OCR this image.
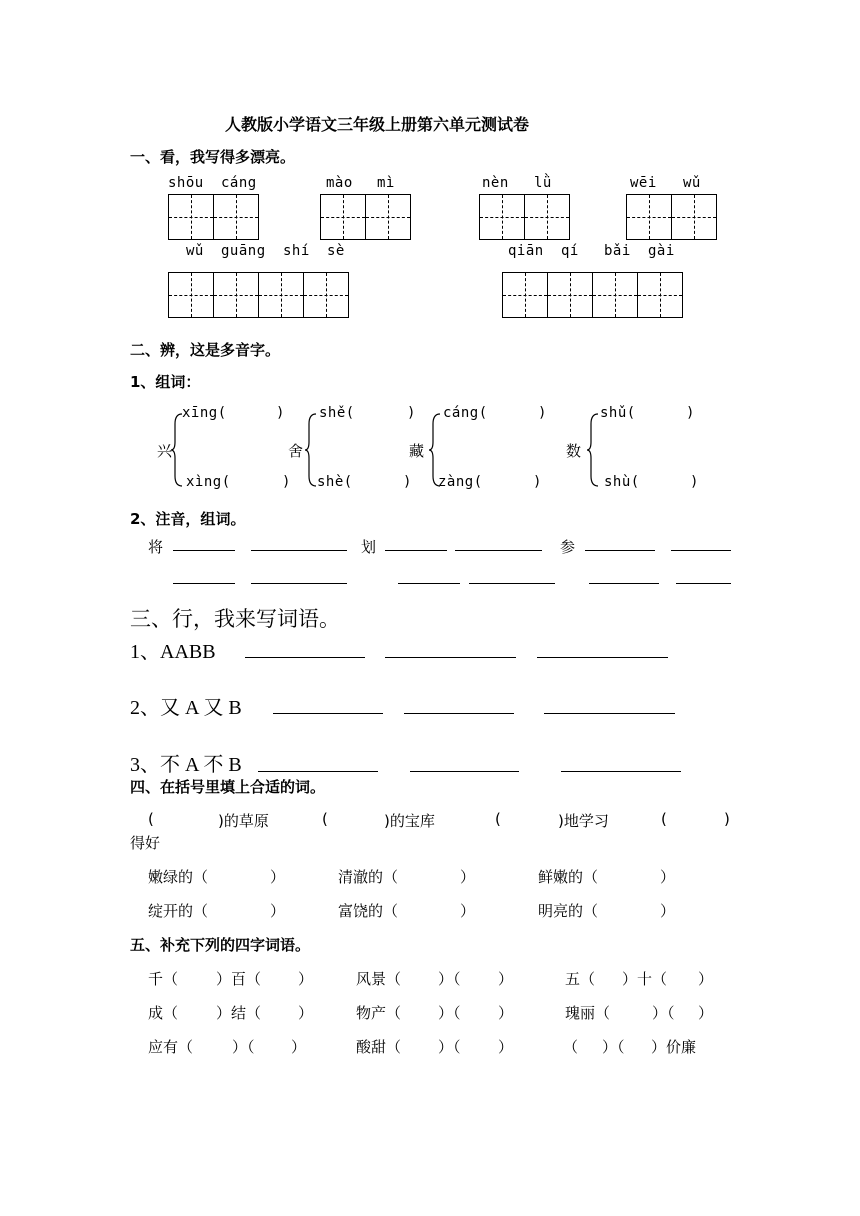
人教版小学语文三年级上册第六单元测试卷
一、看，我写得多漂亮。
shōu cáng	mào mì	nèn lǜ	wēi wǔ
wǔ guāng shí sè	qiān qí bǎi gài
二、辨，这是多音字。
1、组词：
兴
xīng(	)
xìng(	)
舍
shě(	)
shè(	)
藏
cáng(	)
zàng(	)
数
shǔ(	)
shù(	)
2、注音，组词。
将	划	参
三、行，我来写词语。
1、AABB
2、又 A 又 B
3、不 A 不 B
四、在括号里填上合适的词。
(	)的草原	(	)的宝库	(	)地学习	(	)
得好
嫩绿的（	）	清澈的（	）	鲜嫩的（	）
绽开的（	）	富饶的（	）	明亮的（	）
五、补充下列的四字词语。
千（	）百（ ）	风景（ ）（ ）	五（ ）十（ ）
成（	）结（ ）	物产（ ）（ ）	瑰丽（	）（ ）
应有（	）（ ）	酸甜（ ）（ ）	（ ）（ ）价廉
